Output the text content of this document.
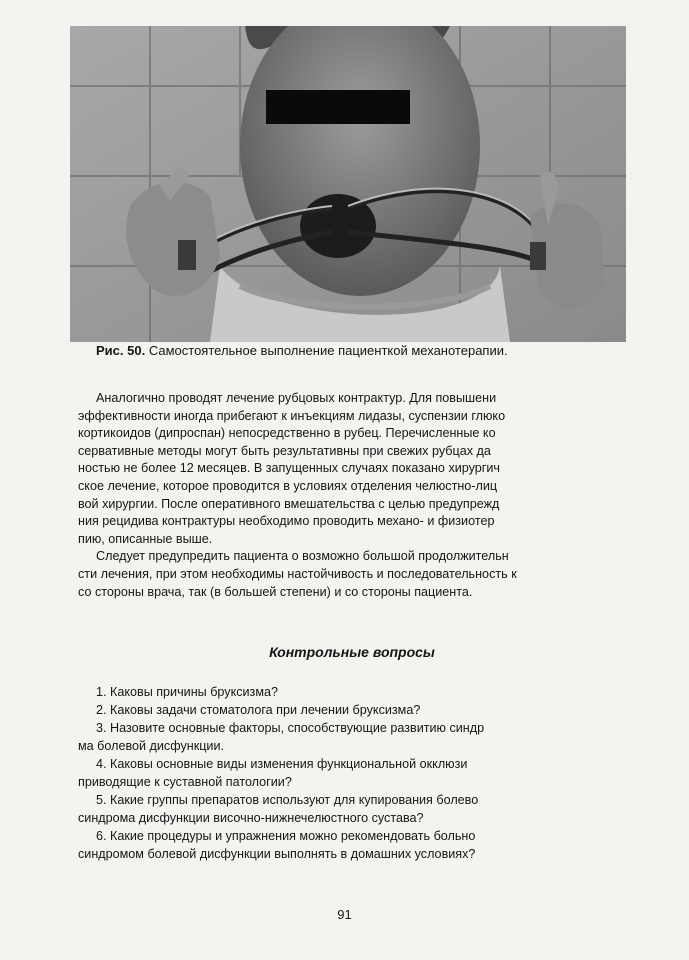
Рис. 50. Самостоятельное выполнение пациенткой механотерапии.
Аналогично проводят лечение рубцовых контрактур. Для повышени
эффективности иногда прибегают к инъекциям лидазы, суспензии глюко
кортикоидов (дипроспан) непосредственно в рубец. Перечисленные ко
сервативные методы могут быть результативны при свежих рубцах да
ностью не более 12 месяцев. В запущенных случаях показано хирургич
ское лечение, которое проводится в условиях отделения челюстно-лиц
вой хирургии. После оперативного вмешательства с целью предупрежд
ния рецидива контрактуры необходимо проводить механо- и физиотер
пию, описанные выше.
Следует предупредить пациента о возможно большой продолжительн
сти лечения, при этом необходимы настойчивость и последовательность к
со стороны врача, так (в большей степени) и со стороны пациента.
Контрольные вопросы
1. Каковы причины бруксизма?
2. Каковы задачи стоматолога при лечении бруксизма?
3. Назовите основные факторы, способствующие развитию синдр
ма болевой дисфункции.
4. Каковы основные виды изменения функциональной окклюзи
приводящие к суставной патологии?
5. Какие группы препаратов используют для купирования болево
синдрома дисфункции височно-нижнечелюстного сустава?
6. Какие процедуры и упражнения можно рекомендовать больно
синдромом болевой дисфункции выполнять в домашних условиях?
91
